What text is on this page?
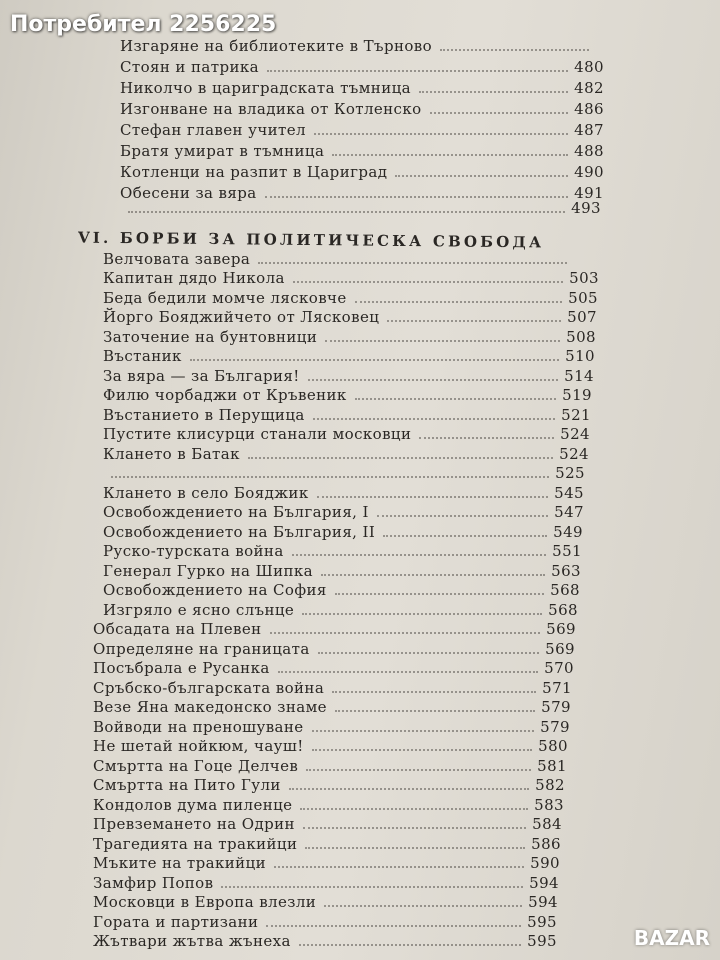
Изгаряне на библиотеките в Търново
Стоян и патрика	480
Николчо в цариградската тъмница	482
Изгонване на владика от Котленско	486
Стефан главен учител	487
Братя умират в тъмница	488
Котленци на разпит в Цариград	490
Обесени за вяра	491
493
VI. БОРБИ ЗА ПОЛИТИЧЕСКА СВОБОДА
Велчовата завера
Капитан дядо Никола	503
Беда бедили момче лясковче	505
Йорго Бояджийчето от Лясковец	507
Заточение на бунтовници	508
Въстаник	510
За вяра — за България!	514
Филю чорбаджи от Кръвеник	519
Въстанието в Перущица	521
Пустите клисурци станали московци	524
Клането в Батак	524
525
Клането в село Бояджик	545
Освобождението на България, I	547
Освобождението на България, II	549
Руско-турската война	551
Генерал Гурко на Шипка	563
Освобождението на София	568
Изгряло е ясно слънце	568
Обсадата на Плевен	569
Определяне на границата	569
Посъбрала е Русанка	570
Сръбско-българската война	571
Везе Яна македонско знаме	579
Войводи на преношуване	579
Не шетай нойкюм, чауш!	580
Смъртта на Гоце Делчев	581
Смъртта на Пито Гули	582
Кондолов дума пиленце	583
Превземането на Одрин	584
Трагедията на тракийци	586
Мъките на тракийци	590
Замфир Попов	594
Московци в Европа влезли	594
Гората и партизани	595
Жътвари жътва жънеха	595
Потребител 2256225
BAZAR
